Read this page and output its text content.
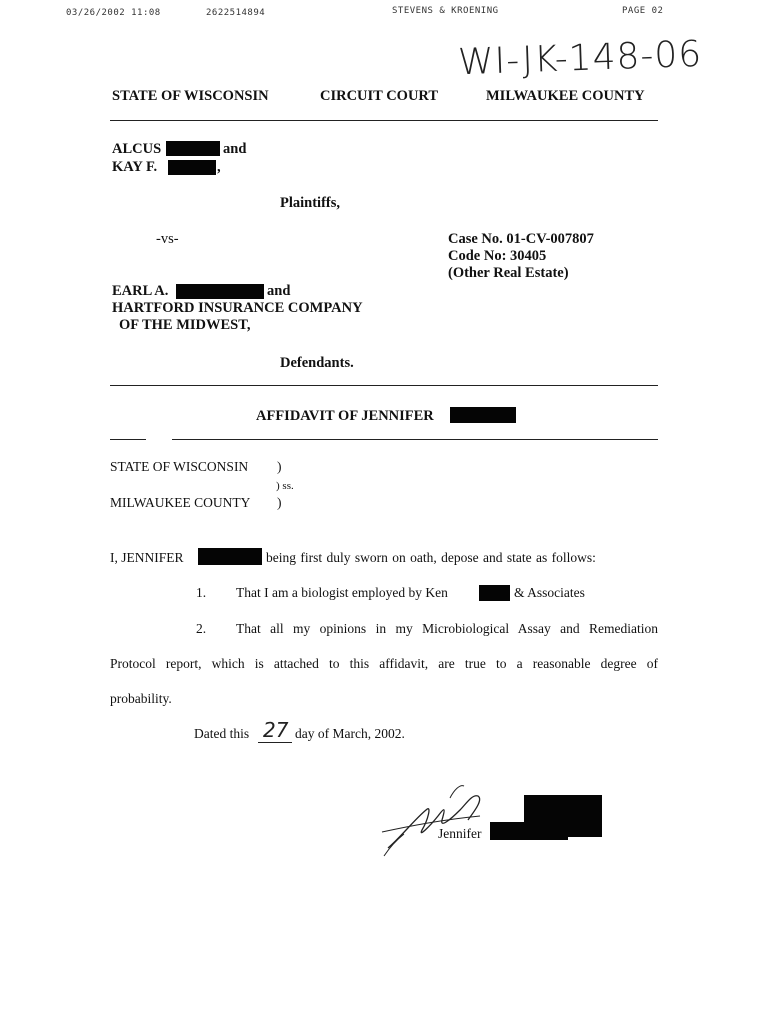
03/26/2002 11:08	2622514894	STEVENS & KROENING	PAGE 02
WI-JK-148-06
STATE OF WISCONSIN	CIRCUIT COURT	MILWAUKEE COUNTY
ALCUS	and
KAY F.	,
Plaintiffs,
-vs-	Case No. 01-CV-007807
Code No: 30405
(Other Real Estate)
EARL A.	and
HARTFORD INSURANCE COMPANY
OF THE MIDWEST,
Defendants.
AFFIDAVIT OF JENNIFER
STATE OF WISCONSIN )
) ss.
MILWAUKEE COUNTY )
I, JENNIFER	being first duly sworn on oath, depose and state as follows:
1. That I am a biologist employed by Ken	& Associates
2. That all my opinions in my Microbiological Assay and Remediation
Protocol report, which is attached to this affidavit, are true to a reasonable degree of
probability.
Dated this 27 day of March, 2002.
Jennifer
